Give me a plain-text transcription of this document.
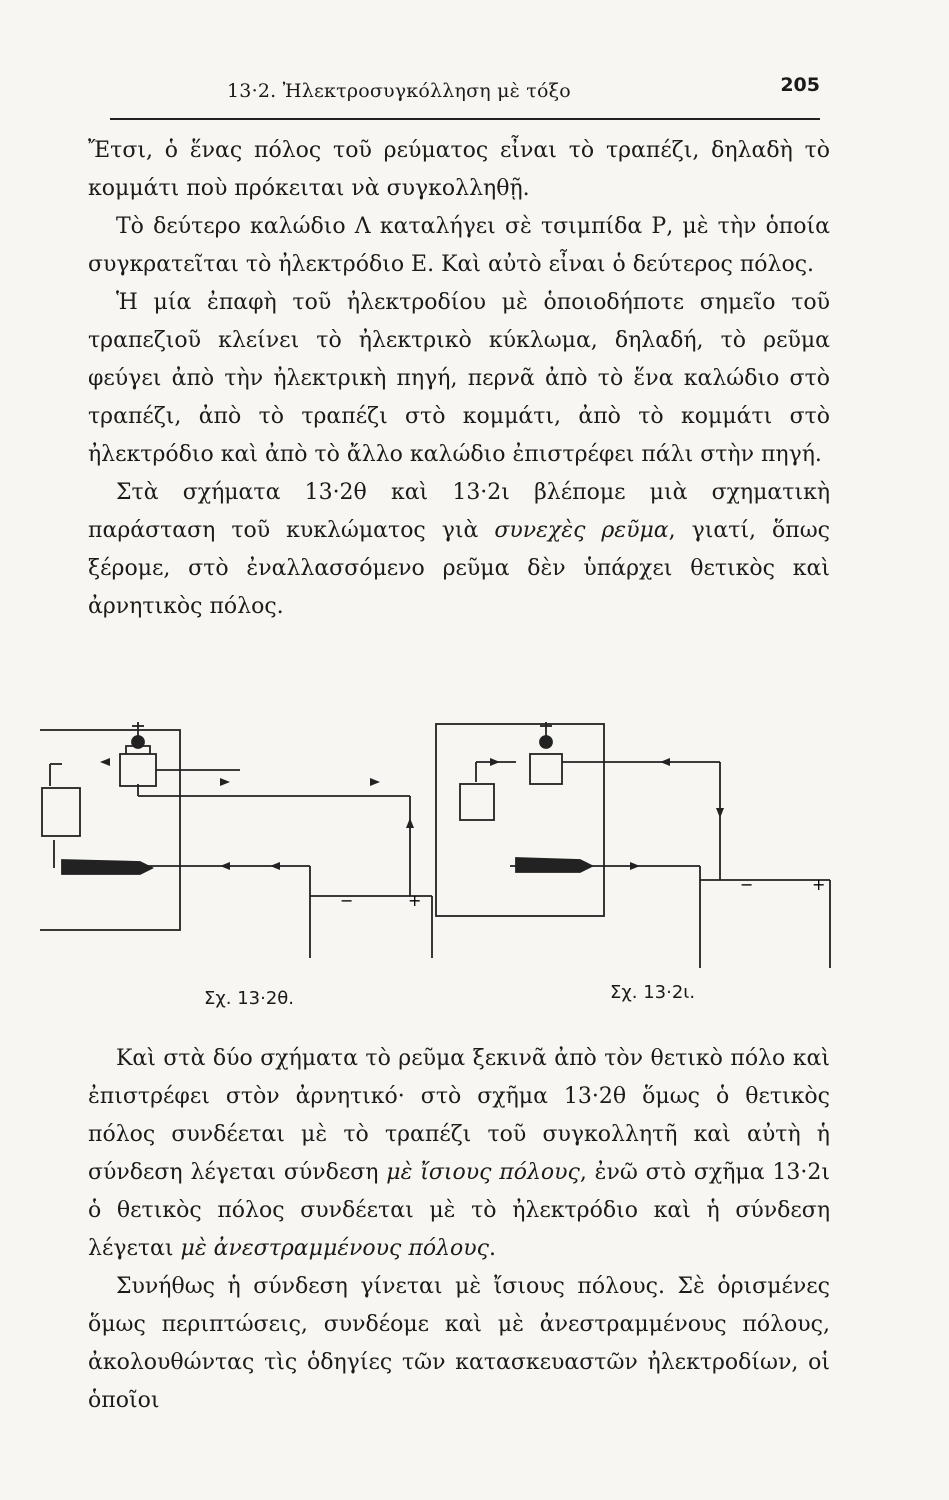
13·2. Ἠλεκτροσυγκόλληση μὲ τόξο	205

Ἔτσι, ὁ ἕνας πόλος τοῦ ρεύματος εἶναι τὸ τραπέζι, δηλαδὴ τὸ κομμάτι ποὺ πρόκειται νὰ συγκολληθῇ.

Τὸ δεύτερο καλώδιο Λ καταλήγει σὲ τσιμπίδα Ρ, μὲ τὴν ὁποία συγκρατεῖται τὸ ἠλεκτρόδιο Ε. Καὶ αὐτὸ εἶναι ὁ δεύτερος πόλος.

Ἡ μία ἐπαφὴ τοῦ ἠλεκτροδίου μὲ ὁποιοδήποτε σημεῖο τοῦ τραπεζιοῦ κλείνει τὸ ἠλεκτρικὸ κύκλωμα, δηλαδή, τὸ ρεῦμα φεύγει ἀπὸ τὴν ἠλεκτρικὴ πηγή, περνᾶ ἀπὸ τὸ ἕνα καλώδιο στὸ τραπέζι, ἀπὸ τὸ τραπέζι στὸ κομμάτι, ἀπὸ τὸ κομμάτι στὸ ἠλεκτρόδιο καὶ ἀπὸ τὸ ἄλλο καλώδιο ἐπιστρέφει πάλι στὴν πηγή.

Στὰ σχήματα 13·2θ καὶ 13·2ι βλέπομε μιὰ σχηματικὴ παράσταση τοῦ κυκλώματος γιὰ συνεχὲς ρεῦμα, γιατί, ὅπως ξέρομε, στὸ ἐναλλασσόμενο ρεῦμα δὲν ὑπάρχει θετικὸς καὶ ἀρνητικὸς πόλος.

−	+
−	+
Σχ. 13·2θ.	Σχ. 13·2ι.

Καὶ στὰ δύο σχήματα τὸ ρεῦμα ξεκινᾶ ἀπὸ τὸν θετικὸ πόλο καὶ ἐπιστρέφει στὸν ἀρνητικό· στὸ σχῆμα 13·2θ ὅμως ὁ θετικὸς πόλος συνδέεται μὲ τὸ τραπέζι τοῦ συγκολλητῆ καὶ αὐτὴ ἡ σύνδεση λέγεται σύνδεση μὲ ἴσιους πόλους, ἐνῶ στὸ σχῆμα 13·2ι ὁ θετικὸς πόλος συνδέεται μὲ τὸ ἠλεκτρόδιο καὶ ἡ σύνδεση λέγεται μὲ ἀνεστραμμένους πόλους.

Συνήθως ἡ σύνδεση γίνεται μὲ ἴσιους πόλους. Σὲ ὁρισμένες ὅμως περιπτώσεις, συνδέομε καὶ μὲ ἀνεστραμμένους πόλους, ἀκολουθώντας τὶς ὁδηγίες τῶν κατασκευαστῶν ἠλεκτροδίων, οἱ ὁποῖοι
